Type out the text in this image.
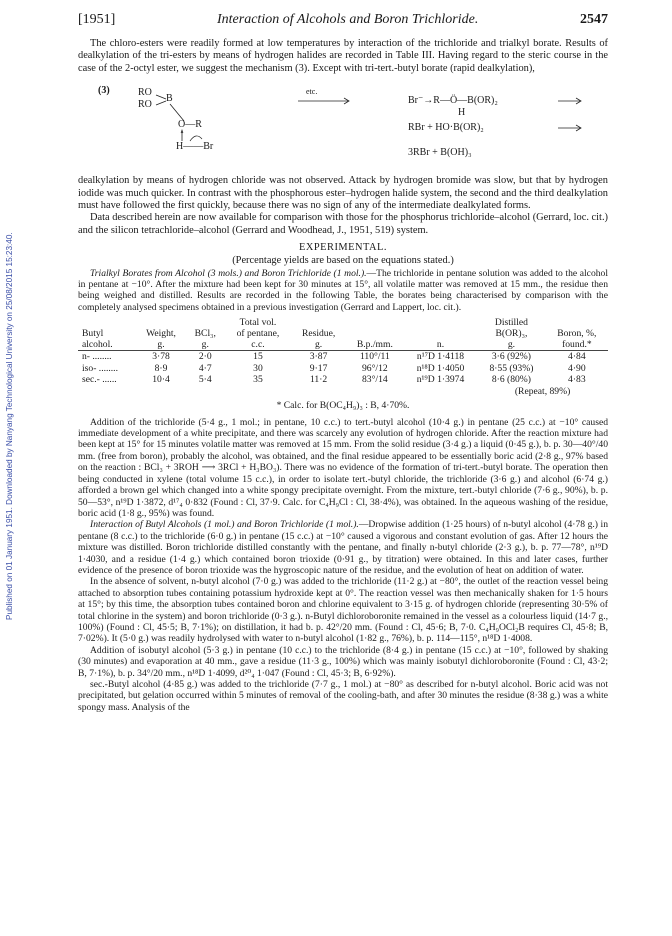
Published on 01 January 1951. Downloaded by Nanyang Technological University on 25/08/2015 15:23:40.
[1951]	Interaction of Alcohols and Boron Trichloride.	2547

The chloro-esters were readily formed at low temperatures by interaction of the trichloride and trialkyl borate. Results of dealkylation of the tri-esters by means of hydrogen halides are recorded in Table III. Having regard to the steric course in the case of the 2-octyl ester, we suggest the mechanism (3). Except with tri-tert.-butyl borate (rapid dealkylation),

(3)	RO
RO
B
O—R
H——Br
etc.
Br⁻→R—Ö—B(OR)₂
H
RBr + HO·B(OR)₂
3RBr + B(OH)₃

dealkylation by means of hydrogen chloride was not observed. Attack by hydrogen bromide was slow, but that by hydrogen iodide was much quicker. In contrast with the phosphorous ester–hydrogen halide system, the second and the third dealkylation must have followed the first quickly, because there was no sign of any of the intermediate dealkylated forms.

Data described herein are now available for comparison with those for the phosphorus trichloride–alcohol (Gerrard, loc. cit.) and the silicon tetrachloride–alcohol (Gerrard and Woodhead, J., 1951, 519) system.

EXPERIMENTAL.
(Percentage yields are based on the equations stated.)

Trialkyl Borates from Alcohol (3 mols.) and Boron Trichloride (1 mol.).—The trichloride in pentane solution was added to the alcohol in pentane at −10°. After the mixture had been kept for 30 minutes at 15°, all volatile matter was removed at 15 mm., the residue then being weighed and distilled. Results are recorded in the following Table, the borates being characterised by comparison with the completely analysed specimens obtained in a previous investigation (Gerrard and Lappert, loc. cit.).

Butyl
alcohol.	Weight,
g.	BCl₃,
g.	Total vol.
of pentane,
c.c.	Residue,
g.	B.p./mm.	n.	Distilled
B(OR)₃,
g.	Boron, %,
found.*
n- ........	3·78	2·0	15	3·87	110°/11	n¹⁷D 1·4118	3·6 (92%)	4·84
iso- ........	8·9	4·7	30	9·17	96°/12	n¹⁸D 1·4050	8·55 (93%)	4·90
sec.- ......	10·4	5·4	35	11·2	83°/14	n¹⁹D 1·3974	8·6 (80%)	4·83
							(Repeat, 89%)	
* Calc. for B(OC₄H₉)₃ : B, 4·70%.

Addition of the trichloride (5·4 g., 1 mol.; in pentane, 10 c.c.) to tert.-butyl alcohol (10·4 g.) in pentane (25 c.c.) at −10° caused immediate development of a white precipitate, and there was scarcely any evolution of hydrogen chloride. After the reaction mixture had been kept at 15° for 15 minutes volatile matter was removed at 15 mm. From the solid residue (3·4 g.) a liquid (0·45 g.), b. p. 30—40°/40 mm. (free from boron), probably the alcohol, was obtained, and the final residue appeared to be essentially boric acid (2·8 g., 97% based on the reaction : BCl₃ + 3ROH ⟶ 3RCl + H₃BO₃). There was no evidence of the formation of tri-tert.-butyl borate. The operation then being conducted in xylene (total volume 15 c.c.), in order to isolate tert.-butyl chloride, the trichloride (3·6 g.) and alcohol (6·74 g.) afforded a brown gel which changed into a white spongy precipitate overnight. From the mixture, tert.-butyl chloride (7·6 g., 90%), b. p. 50—53°, n¹⁹D 1·3872, d¹⁷₄ 0·832 (Found : Cl, 37·9. Calc. for C₄H₉Cl : Cl, 38·4%), was obtained. In the aqueous washing of the residue, boric acid (1·8 g., 95%) was found.

Interaction of Butyl Alcohols (1 mol.) and Boron Trichloride (1 mol.).—Dropwise addition (1·25 hours) of n-butyl alcohol (4·78 g.) in pentane (8 c.c.) to the trichloride (6·0 g.) in pentane (15 c.c.) at −10° caused a vigorous and constant evolution of gas. After 12 hours the mixture was distilled. Boron trichloride distilled constantly with the pentane, and finally n-butyl chloride (2·3 g.), b. p. 77—78°, n¹⁹D 1·4030, and a residue (1·4 g.) which contained boron trioxide (0·91 g., by titration) were obtained. In this and later cases, further evidence of the presence of boron trioxide was the hygroscopic nature of the residue, and the evolution of heat on addition of water.

In the absence of solvent, n-butyl alcohol (7·0 g.) was added to the trichloride (11·2 g.) at −80°, the outlet of the reaction vessel being attached to absorption tubes containing potassium hydroxide kept at 0°. The reaction vessel was then mechanically shaken for 1·5 hours at 15°; by this time, the absorption tubes contained boron and chlorine equivalent to 3·15 g. of hydrogen chloride (representing 30·5% of total chlorine in the system) and boron trichloride (0·3 g.). n-Butyl dichloroboronite remained in the vessel as a colourless liquid (14·7 g., 100%) (Found : Cl, 45·5; B, 7·1%); on distillation, it had b. p. 42°/20 mm. (Found : Cl, 45·6; B, 7·0. C₄H₉OCl₂B requires Cl, 45·8; B, 7·02%). It (5·0 g.) was readily hydrolysed with water to n-butyl alcohol (1·82 g., 76%), b. p. 114—115°, n¹⁸D 1·4008.

Addition of isobutyl alcohol (5·3 g.) in pentane (10 c.c.) to the trichloride (8·4 g.) in pentane (15 c.c.) at −10°, followed by shaking (30 minutes) and evaporation at 40 mm., gave a residue (11·3 g., 100%) which was mainly isobutyl dichloroboronite (Found : Cl, 43·2; B, 7·1%), b. p. 34°/20 mm., n¹⁸D 1·4099, d²⁰₄ 1·047 (Found : Cl, 45·3; B, 6·92%).

sec.-Butyl alcohol (4·85 g.) was added to the trichloride (7·7 g., 1 mol.) at −80° as described for n-butyl alcohol. Boric acid was not precipitated, but gelation occurred within 5 minutes of removal of the cooling-bath, and after 30 minutes the residue (8·38 g.) was a white spongy mass. Analysis of the
